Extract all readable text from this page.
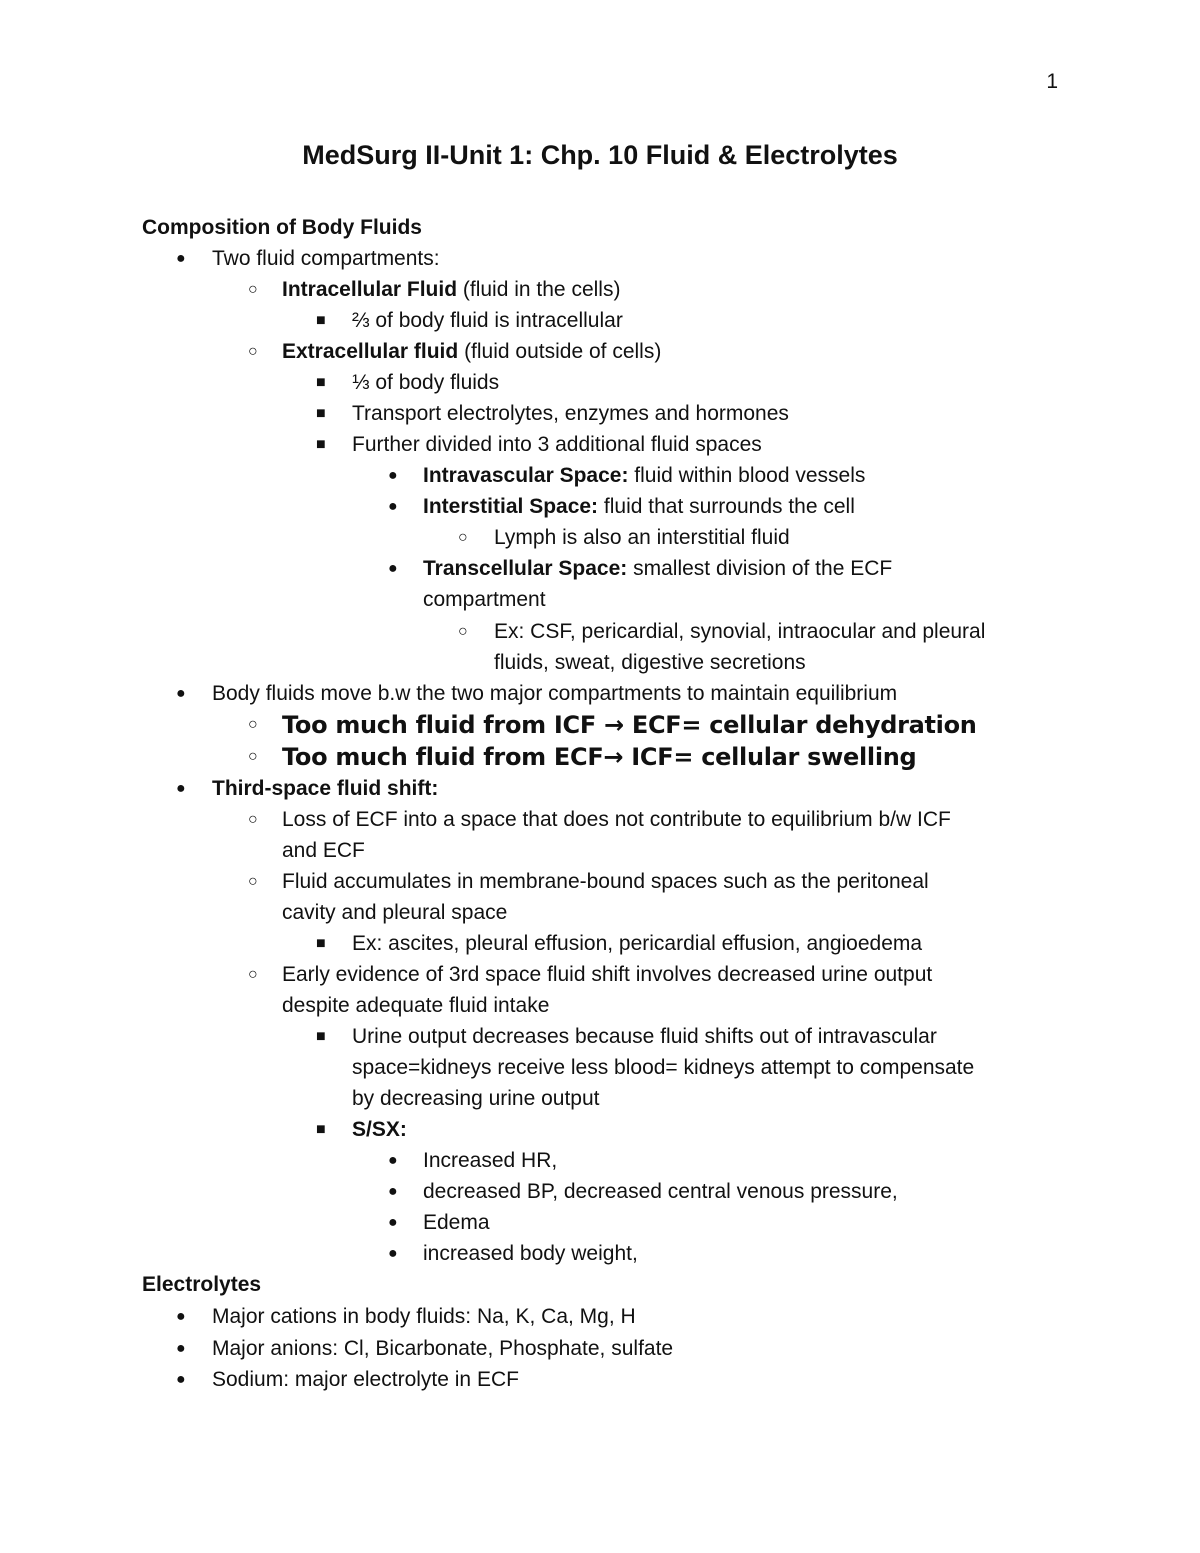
1
MedSurg II-Unit 1: Chp. 10 Fluid & Electrolytes
Composition of Body Fluids
● Two fluid compartments:
○ Intracellular Fluid (fluid in the cells)
■ ⅔ of body fluid is intracellular
○ Extracellular fluid (fluid outside of cells)
■ ⅓ of body fluids
■ Transport electrolytes, enzymes and hormones
■ Further divided into 3 additional fluid spaces
● Intravascular Space: fluid within blood vessels
● Interstitial Space: fluid that surrounds the cell
○ Lymph is also an interstitial fluid
● Transcellular Space: smallest division of the ECF
compartment
○ Ex: CSF, pericardial, synovial, intraocular and pleural
fluids, sweat, digestive secretions
● Body fluids move b.w the two major compartments to maintain equilibrium
○ Too much fluid from ICF → ECF= cellular dehydration
○ Too much fluid from ECF→ ICF= cellular swelling
● Third-space fluid shift:
○ Loss of ECF into a space that does not contribute to equilibrium b/w ICF
and ECF
○ Fluid accumulates in membrane-bound spaces such as the peritoneal
cavity and pleural space
■ Ex: ascites, pleural effusion, pericardial effusion, angioedema
○ Early evidence of 3rd space fluid shift involves decreased urine output
despite adequate fluid intake
■ Urine output decreases because fluid shifts out of intravascular
space=kidneys receive less blood= kidneys attempt to compensate
by decreasing urine output
■ S/SX:
● Increased HR,
● decreased BP, decreased central venous pressure,
● Edema
● increased body weight,
Electrolytes
● Major cations in body fluids: Na, K, Ca, Mg, H
● Major anions: Cl, Bicarbonate, Phosphate, sulfate
● Sodium: major electrolyte in ECF
